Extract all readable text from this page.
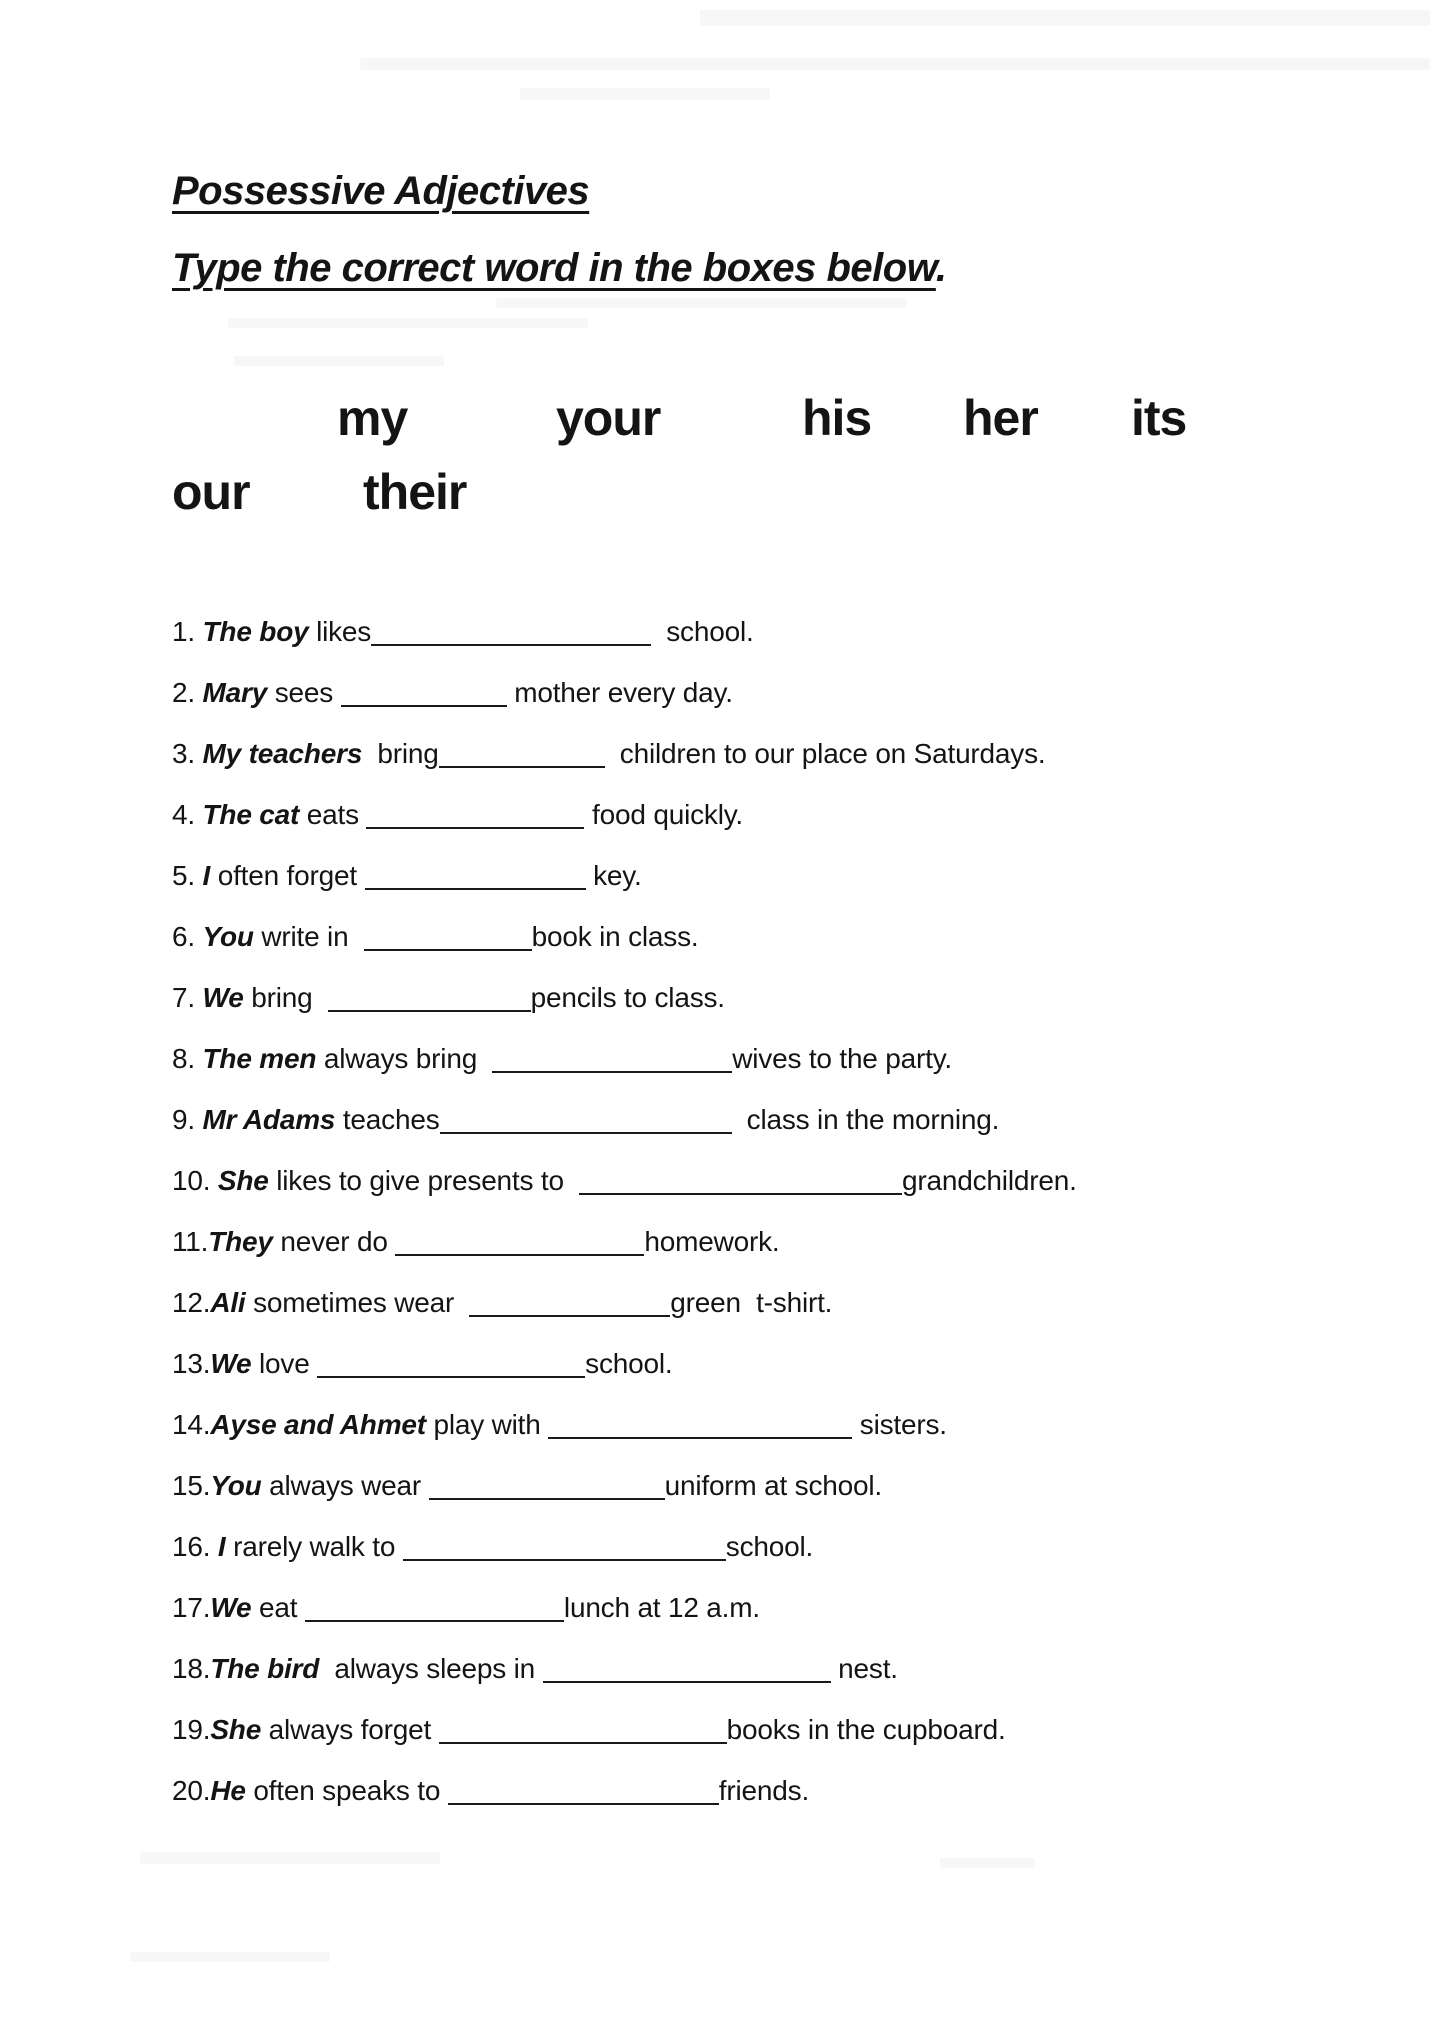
Possessive Adjectives
Type the correct word in the boxes below.
my	your	his her its
our their
1. The boy likes	school.
2. Mary sees	mother every day.
3. My teachers  bring	children to our place on Saturdays.
4. The cat eats	food quickly.
5. I often forget	key.
6. You write in	book in class.
7. We bring	pencils to class.
8. The men always bring	wives to the party.
9. Mr Adams teaches	class in the morning.
10. She likes to give presents to	grandchildren.
11.They never do	homework.
12.Ali sometimes wear	green  t-shirt.
13.We love	school.
14.Ayse and Ahmet play with	sisters.
15.You always wear	uniform at school.
16. I rarely walk to	school.
17.We eat	lunch at 12 a.m.
18.The bird  always sleeps in	nest.
19.She always forget	books in the cupboard.
20.He often speaks to	friends.
